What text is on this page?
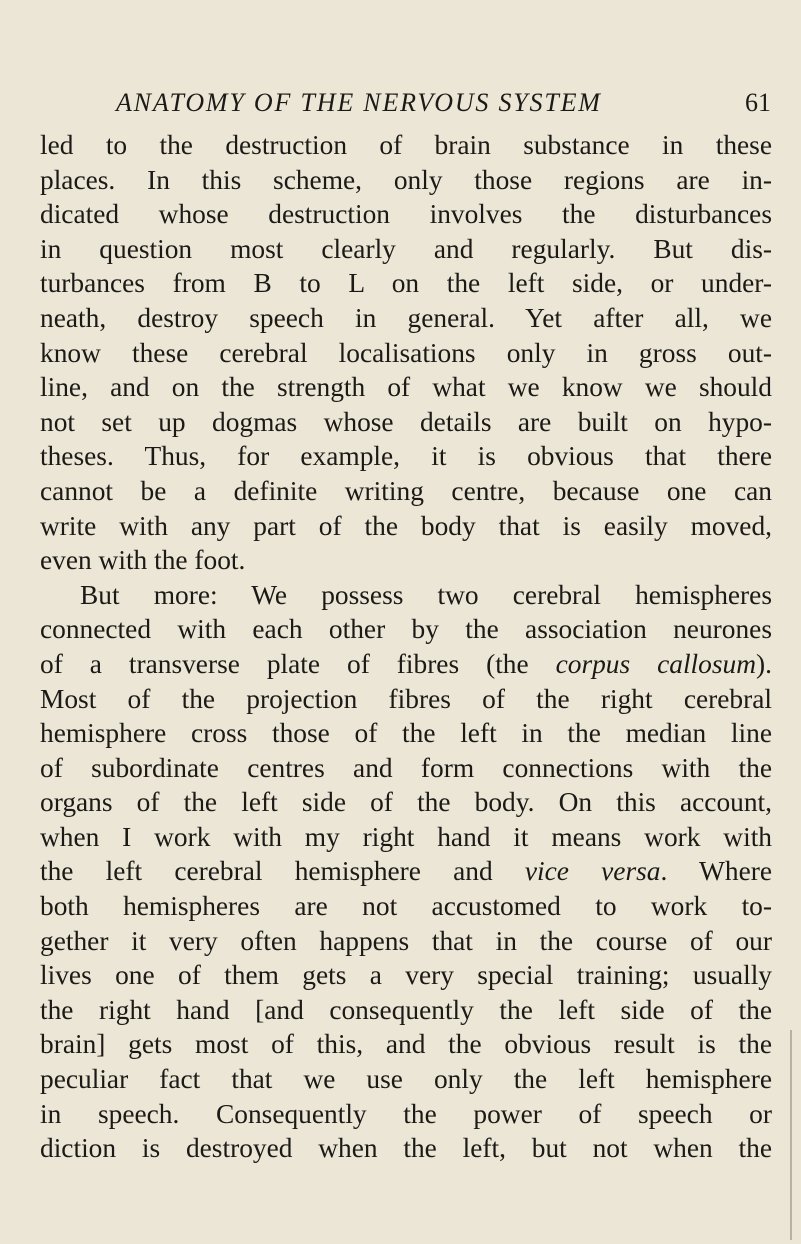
ANATOMY OF THE NERVOUS SYSTEM	61
led to the destruction of brain substance in these
places. In this scheme, only those regions are in-
dicated whose destruction involves the disturbances
in question most clearly and regularly. But dis-
turbances from B to L on the left side, or under-
neath, destroy speech in general. Yet after all, we
know these cerebral localisations only in gross out-
line, and on the strength of what we know we should
not set up dogmas whose details are built on hypo-
theses. Thus, for example, it is obvious that there
cannot be a definite writing centre, because one can
write with any part of the body that is easily moved,
even with the foot.
But more: We possess two cerebral hemispheres
connected with each other by the association neurones
of a transverse plate of fibres (the corpus callosum).
Most of the projection fibres of the right cerebral
hemisphere cross those of the left in the median line
of subordinate centres and form connections with the
organs of the left side of the body. On this account,
when I work with my right hand it means work with
the left cerebral hemisphere and vice versa. Where
both hemispheres are not accustomed to work to-
gether it very often happens that in the course of our
lives one of them gets a very special training; usually
the right hand [and consequently the left side of the
brain] gets most of this, and the obvious result is the
peculiar fact that we use only the left hemisphere
in speech. Consequently the power of speech or
diction is destroyed when the left, but not when the
